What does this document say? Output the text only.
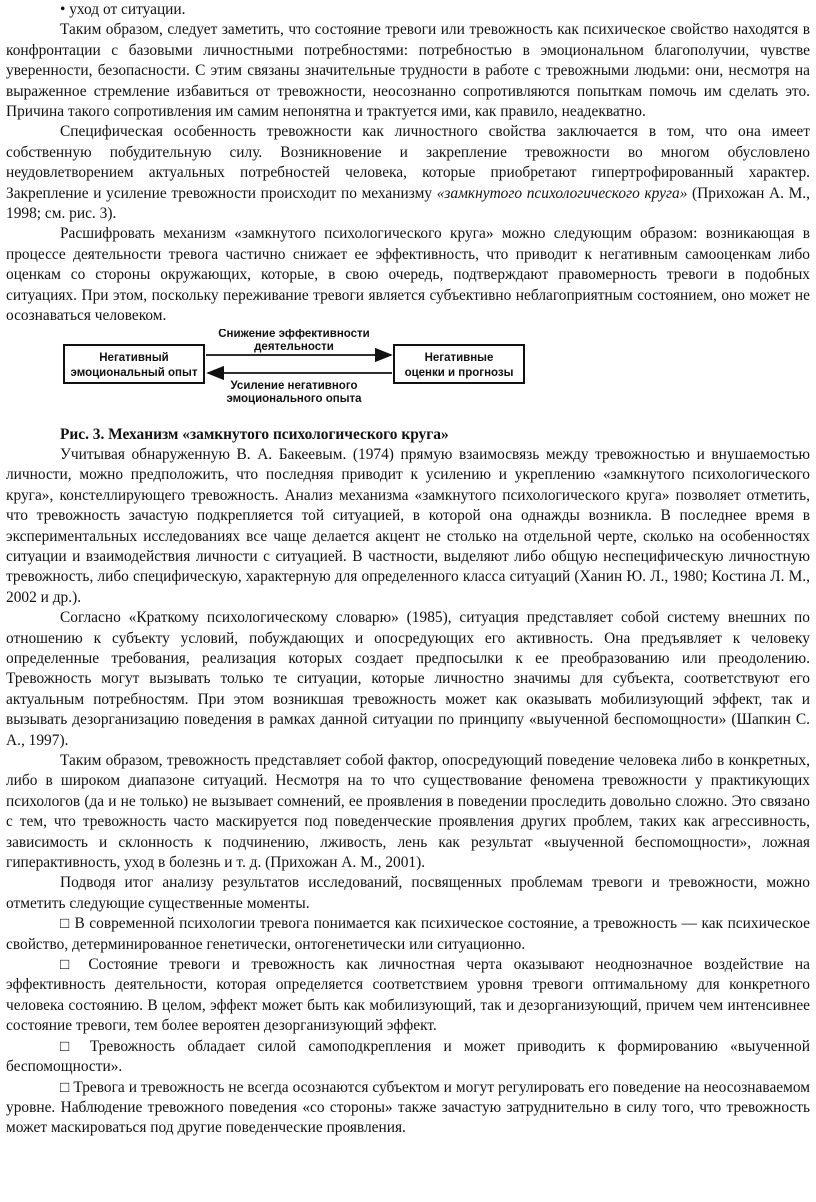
• уход от ситуации.

Таким образом, следует заметить, что состояние тревоги или тревожность как психическое свойство находятся в конфронтации с базовыми личностными потребностями: потребностью в эмоциональном благополучии, чувстве уверенности, безопасности. С этим связаны значительные трудности в работе с тревожными людьми: они, несмотря на выраженное стремление избавиться от тревожности, неосознанно сопротивляются попыткам помочь им сделать это. Причина такого сопротивления им самим непонятна и трактуется ими, как правило, неадекватно.

Специфическая особенность тревожности как личностного свойства заключается в том, что она имеет собственную побудительную силу. Возникновение и закрепление тревожности во многом обусловлено неудовлетворением актуальных потребностей человека, которые приобретают гипертрофированный характер. Закрепление и усиление тревожности происходит по механизму «замкнутого психологического круга» (Прихожан А. М., 1998; см. рис. 3).

Расшифровать механизм «замкнутого психологического круга» можно следующим образом: возникающая в процессе деятельности тревога частично снижает ее эффективность, что приводит к негативным самооценкам либо оценкам со стороны окружающих, которые, в свою очередь, подтверждают правомерность тревоги в подобных ситуациях. При этом, поскольку переживание тревоги является субъективно неблагоприятным состоянием, оно может не осознаваться человеком.

Негативный
эмоциональный опыт
Негативные
оценки и прогнозы
Снижение эффективности
деятельности
Усиление негативного
эмоционального опыта

Рис. 3. Механизм «замкнутого психологического круга»

Учитывая обнаруженную В. А. Бакеевым. (1974) прямую взаимосвязь между тревожностью и внушаемостью личности, можно предположить, что последняя приводит к усилению и укреплению «замкнутого психологического круга», констеллирующего тревожность. Анализ механизма «замкнутого психологического круга» позволяет отметить, что тревожность зачастую подкрепляется той ситуацией, в которой она однажды возникла. В последнее время в экспериментальных исследованиях все чаще делается акцент не столько на отдельной черте, сколько на особенностях ситуации и взаимодействия личности с ситуацией. В частности, выделяют либо общую неспецифическую личностную тревожность, либо специфическую, характерную для определенного класса ситуаций (Ханин Ю. Л., 1980; Костина Л. М., 2002 и др.).

Согласно «Краткому психологическому словарю» (1985), ситуация представляет собой систему внешних по отношению к субъекту условий, побуждающих и опосредующих его активность. Она предъявляет к человеку определенные требования, реализация которых создает предпосылки к ее преобразованию или преодолению. Тревожность могут вызывать только те ситуации, которые личностно значимы для субъекта, соответствуют его актуальным потребностям. При этом возникшая тревожность может как оказывать мобилизующий эффект, так и вызывать дезорганизацию поведения в рамках данной ситуации по принципу «выученной беспомощности» (Шапкин С. А., 1997).

Таким образом, тревожность представляет собой фактор, опосредующий поведение человека либо в конкретных, либо в широком диапазоне ситуаций. Несмотря на то что существование феномена тревожности у практикующих психологов (да и не только) не вызывает сомнений, ее проявления в поведении проследить довольно сложно. Это связано с тем, что тревожность часто маскируется под поведенческие проявления других проблем, таких как агрессивность, зависимость и склонность к подчинению, лживость, лень как результат «выученной беспомощности», ложная гиперактивность, уход в болезнь и т. д. (Прихожан А. М., 2001).

Подводя итог анализу результатов исследований, посвященных проблемам тревоги и тревожности, можно отметить следующие существенные моменты.

□ В современной психологии тревога понимается как психическое состояние, а тревожность — как психическое свойство, детерминированное генетически, онтогенетически или ситуационно.

□ Состояние тревоги и тревожность как личностная черта оказывают неоднозначное воздействие на эффективность деятельности, которая определяется соответствием уровня тревоги оптимальному для конкретного человека состоянию. В целом, эффект может быть как мобилизующий, так и дезорганизующий, причем чем интенсивнее состояние тревоги, тем более вероятен дезорганизующий эффект.

□ Тревожность обладает силой самоподкрепления и может приводить к формированию «выученной беспомощности».

□ Тревога и тревожность не всегда осознаются субъектом и могут регулировать его поведение на неосознаваемом уровне. Наблюдение тревожного поведения «со стороны» также зачастую затруднительно в силу того, что тревожность может маскироваться под другие поведенческие проявления.
